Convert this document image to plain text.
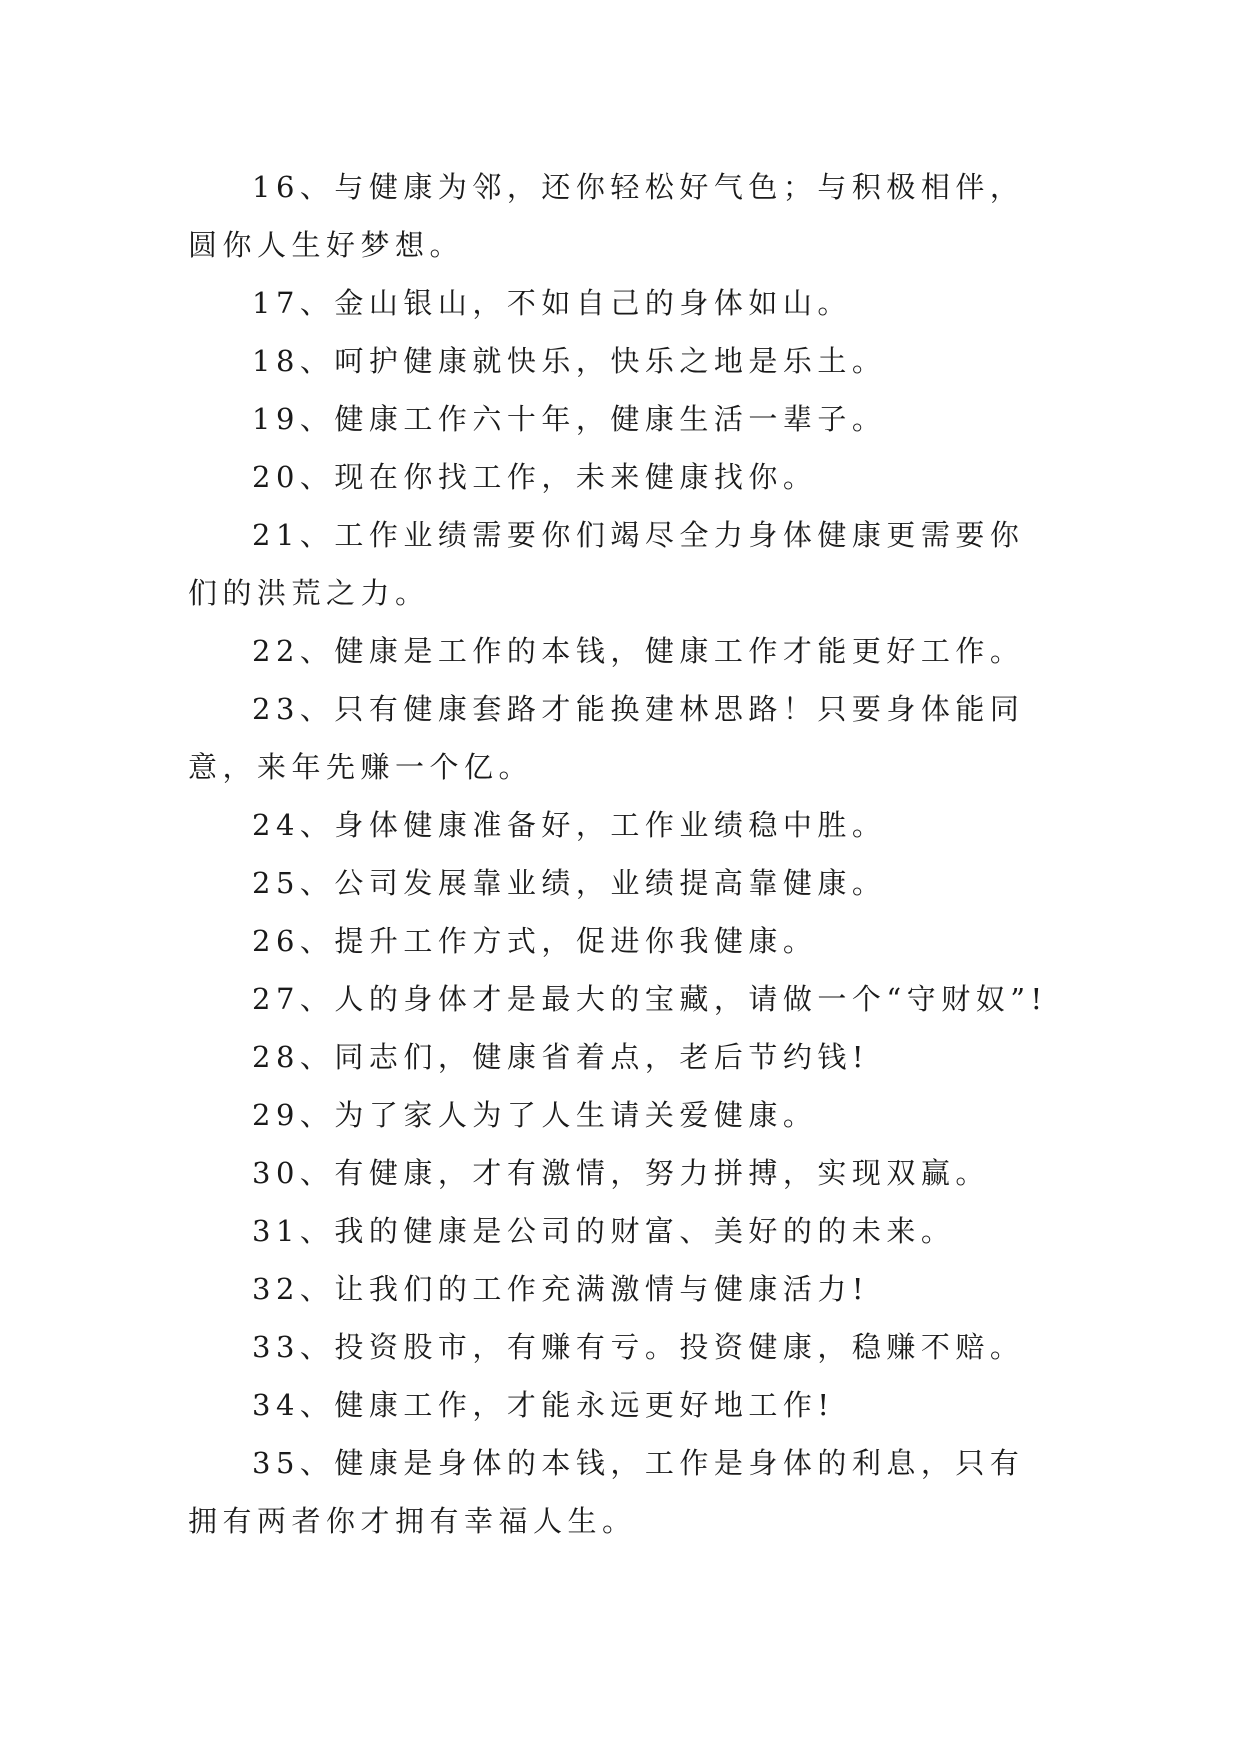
16、与健康为邻，还你轻松好气色；与积极相伴，圆你人生好梦想。

17、金山银山，不如自己的身体如山。

18、呵护健康就快乐，快乐之地是乐土。

19、健康工作六十年，健康生活一辈子。

20、现在你找工作，未来健康找你。

21、工作业绩需要你们竭尽全力身体健康更需要你们的洪荒之力。

22、健康是工作的本钱，健康工作才能更好工作。

23、只有健康套路才能换建林思路！只要身体能同意，来年先赚一个亿。

24、身体健康准备好，工作业绩稳中胜。

25、公司发展靠业绩，业绩提高靠健康。

26、提升工作方式，促进你我健康。

27、人的身体才是最大的宝藏，请做一个“守财奴”!

28、同志们，健康省着点，老后节约钱!

29、为了家人为了人生请关爱健康。

30、有健康，才有激情，努力拼搏，实现双赢。

31、我的健康是公司的财富、美好的的未来。

32、让我们的工作充满激情与健康活力!

33、投资股市，有赚有亏。投资健康，稳赚不赔。

34、健康工作，才能永远更好地工作!

35、健康是身体的本钱，工作是身体的利息，只有拥有两者你才拥有幸福人生。
